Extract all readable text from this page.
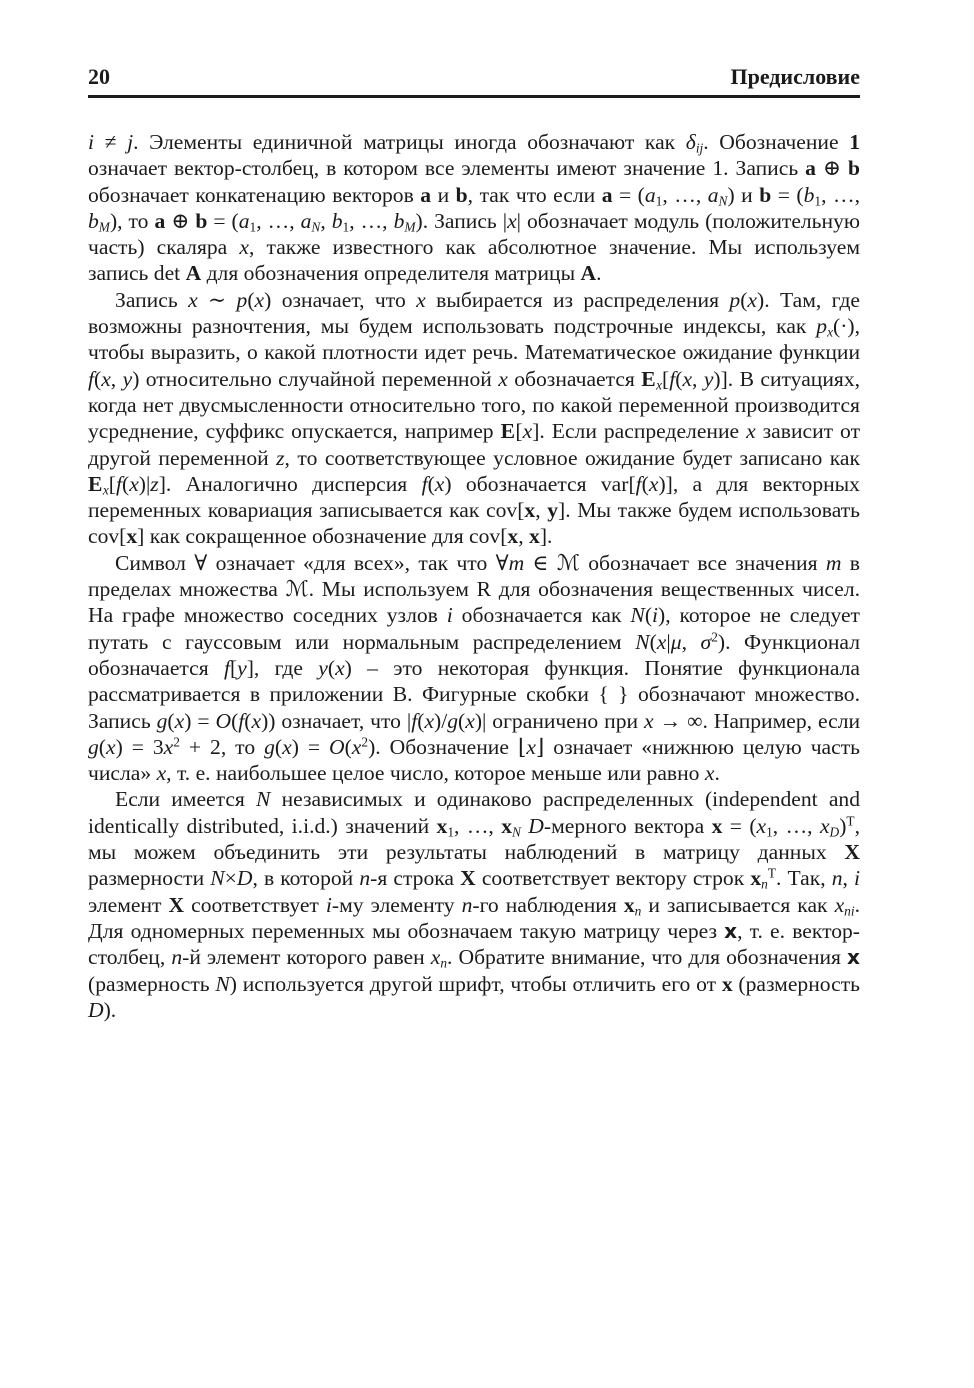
20	Предисловие

i ≠ j. Элементы единичной матрицы иногда обозначают как $\delta_{ij}$. Обозначение 1 означает вектор-столбец, в котором все элементы имеют значение 1. Запись a ⊕ b обозначает конкатенацию векторов a и b, так что если $a = (a_1$, …, $a_N$) и $b = (b_1$, …, $b_M$), то a ⊕ $b = (a_1$, …, $a_N$, $b_1$, …, $b_M$). Запись |x| обозначает модуль (положительную часть) скаляра x, также известного как абсолютное значение. Мы используем запись det A для обозначения определителя матрицы A.

Запись x ∼ p(x) означает, что x выбирается из распределения p(x). Там, где возможны разночтения, мы будем использовать подстрочные индексы, как $p_x(\cdot)$, чтобы выразить, о какой плотности идет речь. Математическое ожидание функции f(x, y) относительно случайной переменной x обозначается $E_x[f(x$, y)]. В ситуациях, когда нет двусмысленности относительно того, по какой переменной производится усреднение, суффикс опускается, например E[x]. Если распределение x зависит от другой переменной z, то соответствующее условное ожидание будет записано как $E_x[f(x)|z]$. Аналогично дисперсия f(x) обозначается var[f(x)], а для векторных переменных ковариация записывается как cov[x, y]. Мы также будем использовать cov[x] как сокращенное обозначение для cov[x, x].

Символ ∀ означает «для всех», так что ∀m ∈ ℳ обозначает все значения m в пределах множества ℳ. Мы используем R для обозначения вещественных чисел. На графе множество соседних узлов i обозначается как N(i), которое не следует путать с гауссовым или нормальным распределением N(x|μ, $\sigma^2$). Функционал обозначается f[y], где y(x) – это некоторая функция. Понятие функционала рассматривается в приложении B. Фигурные скобки { } обозначают множество. Запись g(x) = O(f(x)) означает, что |f(x)/g(x)| ограничено при x → ∞. Например, если $g(x) = 3x^2 + 2$, то $g(x) = O(x^2)$. Обозначение ⌊x⌋ означает «нижнюю целую часть числа» x, т. е. наибольшее целое число, которое меньше или равно x.

Если имеется N независимых и одинаково распределенных (independent and identically distributed, i.i.d.) значений $x_1$, …, $x_N$ D-мерного вектора $x = (x_1$, …, $x_D)^T$, мы можем объединить эти результаты наблюдений в матрицу данных X размерности N×D, в которой n-я строка X соответствует вектору строк $x_n^T$. Так, n, i элемент X соответствует i-му элементу n-го наблюдения $x_n$ и записывается как $x_{ni}$. Для одномерных переменных мы обозначаем такую матрицу через x, т. е. вектор-столбец, n-й элемент которого равен $x_n$. Обратите внимание, что для обозначения x (размерность N) используется другой шрифт, чтобы отличить его от x (размерность D).
